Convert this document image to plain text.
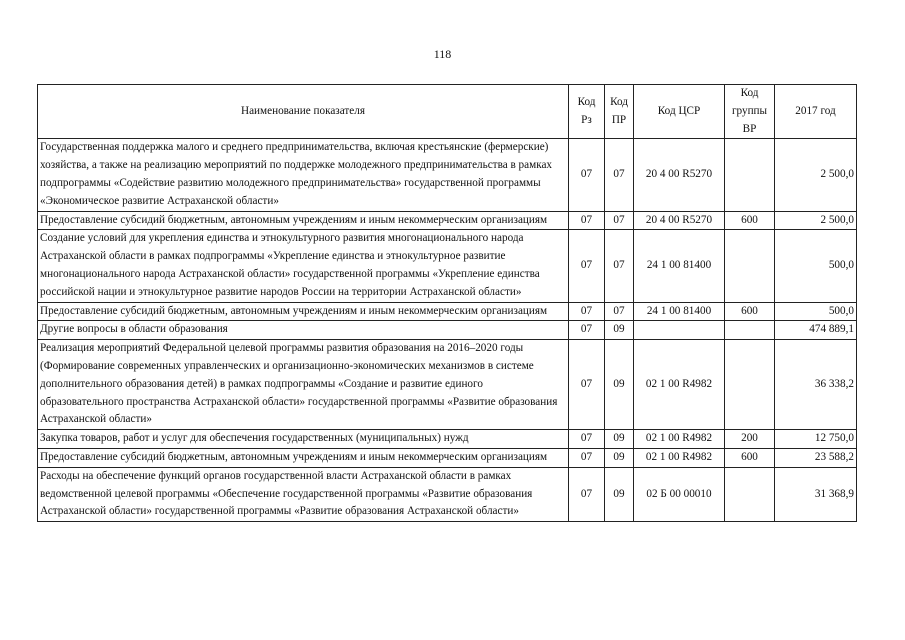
118
Наименование показателя	Код Рз	Код ПР	Код ЦСР	Код группы ВР	2017 год
Государственная поддержка малого и среднего предпринимательства, включая крестьянские (фермерские) хозяйства, а также на реализацию мероприятий по поддержке молодежного предпринимательства в рамках подпрограммы «Содействие развитию молодежного предпринимательства» государственной программы «Экономическое развитие Астраханской области»	07	07	20 4 00 R5270		2 500,0
Предоставление субсидий бюджетным, автономным учреждениям и иным некоммерческим организациям	07	07	20 4 00 R5270	600	2 500,0
Создание условий для укрепления единства и этнокультурного развития многонационального народа Астраханской области в рамках подпрограммы «Укрепление единства и этнокультурное развитие многонационального народа Астраханской области» государственной программы «Укрепление единства российской нации и этнокультурное развитие народов России на территории Астраханской области»	07	07	24 1 00 81400		500,0
Предоставление субсидий бюджетным, автономным учреждениям и иным некоммерческим организациям	07	07	24 1 00 81400	600	500,0
Другие вопросы в области образования	07	09			474 889,1
Реализация мероприятий Федеральной целевой программы развития образования на 2016–2020 годы (Формирование современных управленческих и организационно-экономических механизмов в системе дополнительного образования детей) в рамках подпрограммы «Создание и развитие единого образовательного пространства Астраханской области» государственной программы «Развитие образования Астраханской области»	07	09	02 1 00 R4982		36 338,2
Закупка товаров, работ и услуг для обеспечения государственных (муниципальных) нужд	07	09	02 1 00 R4982	200	12 750,0
Предоставление субсидий бюджетным, автономным учреждениям и иным некоммерческим организациям	07	09	02 1 00 R4982	600	23 588,2
Расходы на обеспечение функций органов государственной власти Астраханской области в рамках ведомственной целевой программы «Обеспечение государственной программы «Развитие образования Астраханской области» государственной программы «Развитие образования Астраханской области»	07	09	02 Б 00 00010		31 368,9
